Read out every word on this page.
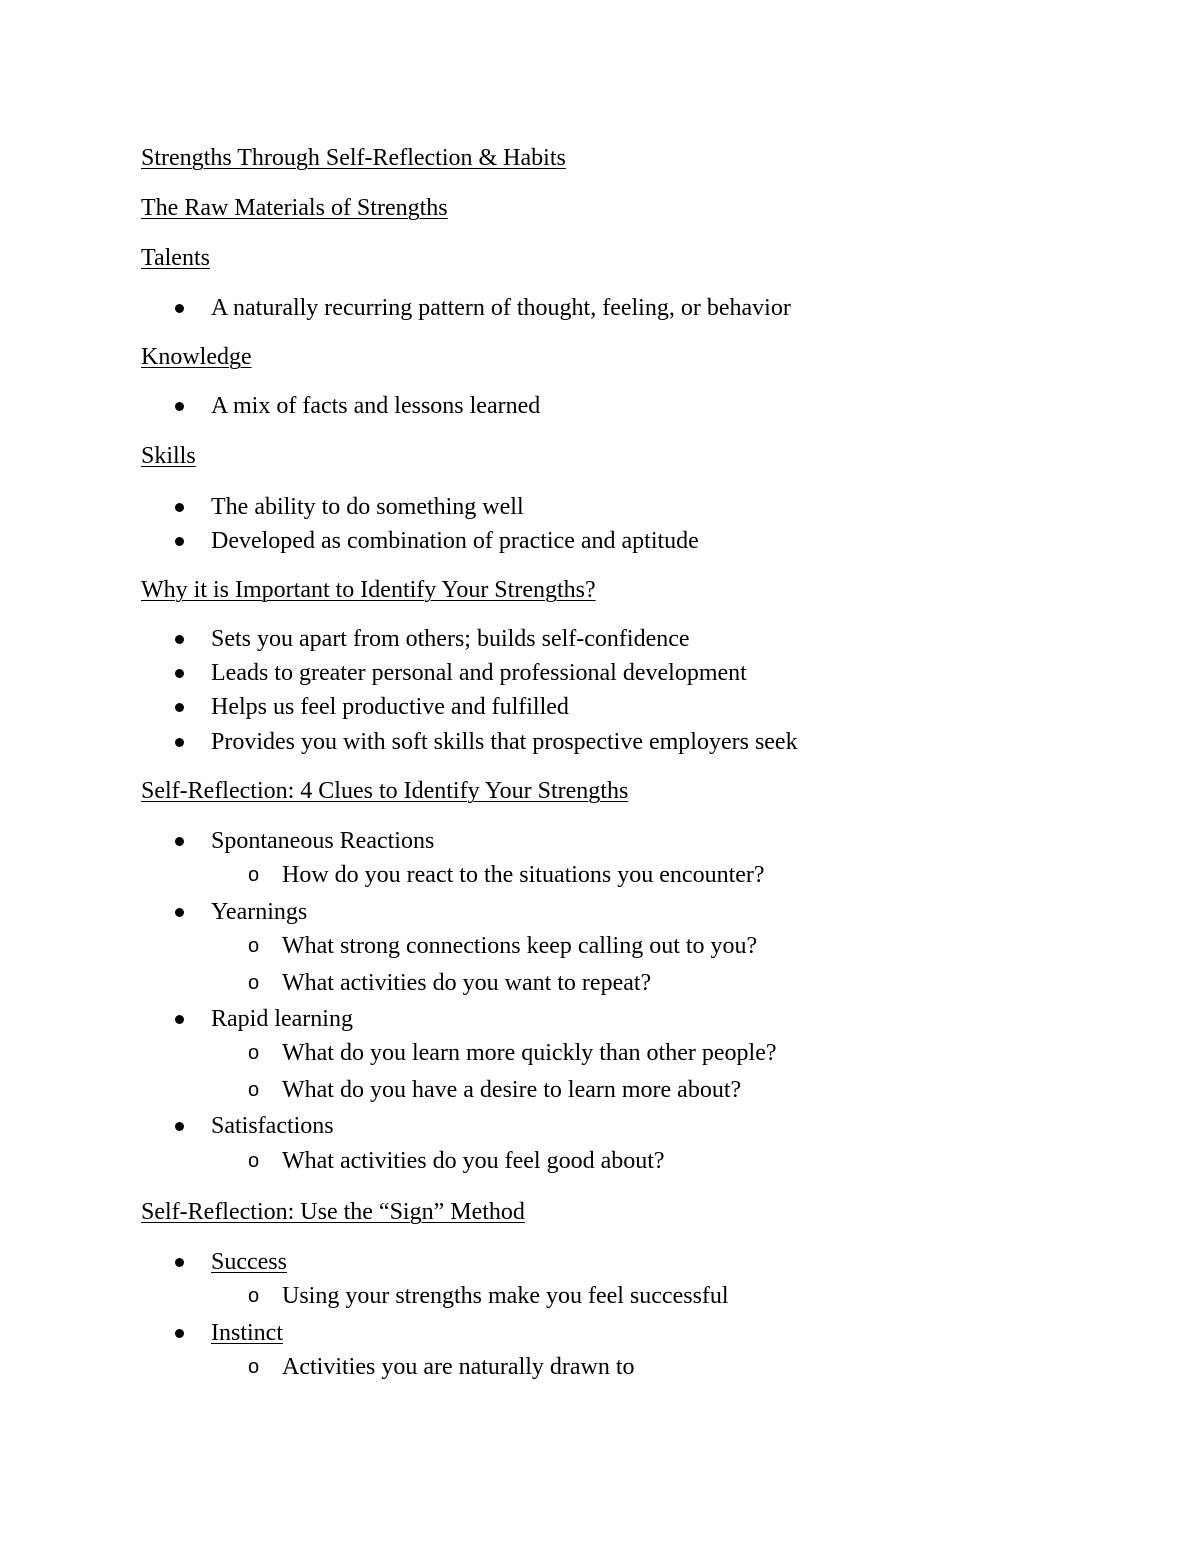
Strengths Through Self-Reflection & Habits

The Raw Materials of Strengths

Talents

A naturally recurring pattern of thought, feeling, or behavior

Knowledge

A mix of facts and lessons learned

Skills

The ability to do something well

Developed as combination of practice and aptitude

Why it is Important to Identify Your Strengths?

Sets you apart from others; builds self-confidence

Leads to greater personal and professional development

Helps us feel productive and fulfilled

Provides you with soft skills that prospective employers seek

Self-Reflection: 4 Clues to Identify Your Strengths

Spontaneous Reactions

o How do you react to the situations you encounter?

Yearnings

o What strong connections keep calling out to you?

o What activities do you want to repeat?

Rapid learning

o What do you learn more quickly than other people?

o What do you have a desire to learn more about?

Satisfactions

o What activities do you feel good about?

Self-Reflection: Use the “Sign” Method

Success

o Using your strengths make you feel successful

Instinct

o Activities you are naturally drawn to
